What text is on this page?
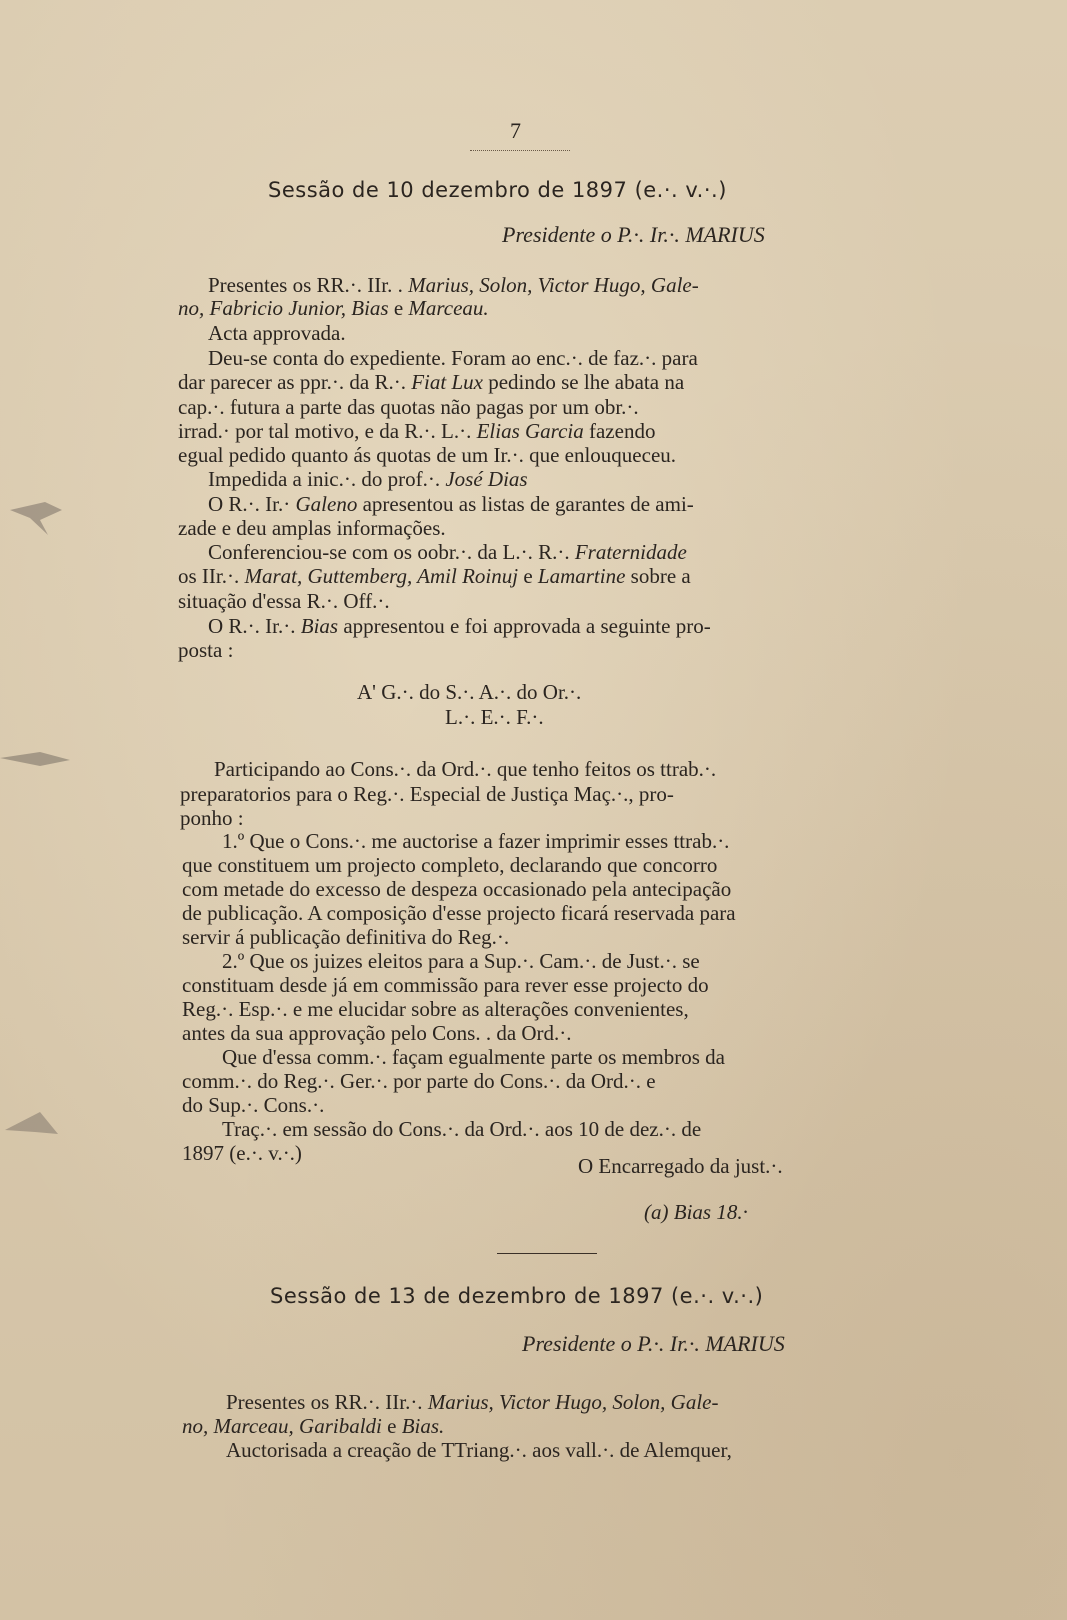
7
Sessão de 10 dezembro de 1897 (e.·. v.·.)
Presidente o P.·. Ir.·. MARIUS
Presentes os RR.·. IIr. . Marius, Solon, Victor Hugo, Gale-
no, Fabricio Junior, Bias e Marceau.
Acta approvada.
Deu-se conta do expediente. Foram ao enc.·. de faz.·. para
dar parecer as ppr.·. da R.·. Fiat Lux pedindo se lhe abata na
cap.·. futura a parte das quotas não pagas por um obr.·.
irrad.· por tal motivo, e da R.·. L.·. Elias Garcia fazendo
egual pedido quanto ás quotas de um Ir.·. que enlouqueceu.
Impedida a inic.·. do prof.·. José Dias
O R.·. Ir.· Galeno apresentou as listas de garantes de ami-
zade e deu amplas informações.
Conferenciou-se com os oobr.·. da L.·. R.·. Fraternidade
os IIr.·. Marat, Guttemberg, Amil Roinuj e Lamartine sobre a
situação d'essa R.·. Off.·.
O R.·. Ir.·. Bias appresentou e foi approvada a seguinte pro-
posta :
A' G.·. do S.·. A.·. do Or.·.
L.·. E.·. F.·.
Participando ao Cons.·. da Ord.·. que tenho feitos os ttrab.·.
preparatorios para o Reg.·. Especial de Justiça Maç.·., pro-
ponho :
1.º Que o Cons.·. me auctorise a fazer imprimir esses ttrab.·.
que constituem um projecto completo, declarando que concorro
com metade do excesso de despeza occasionado pela antecipação
de publicação. A composição d'esse projecto ficará reservada para
servir á publicação definitiva do Reg.·.
2.º Que os juizes eleitos para a Sup.·. Cam.·. de Just.·. se
constituam desde já em commissão para rever esse projecto do
Reg.·. Esp.·. e me elucidar sobre as alterações convenientes,
antes da sua approvação pelo Cons. . da Ord.·.
Que d'essa comm.·. façam egualmente parte os membros da
comm.·. do Reg.·. Ger.·. por parte do Cons.·. da Ord.·. e
do Sup.·. Cons.·.
Traç.·. em sessão do Cons.·. da Ord.·. aos 10 de dez.·. de
1897 (e.·. v.·.)
O Encarregado da just.·.
(a) Bias 18.·
Sessão de 13 de dezembro de 1897 (e.·. v.·.)
Presidente o P.·. Ir.·. MARIUS
Presentes os RR.·. IIr.·. Marius, Victor Hugo, Solon, Gale-
no, Marceau, Garibaldi e Bias.
Auctorisada a creação de TTriang.·. aos vall.·. de Alemquer,
